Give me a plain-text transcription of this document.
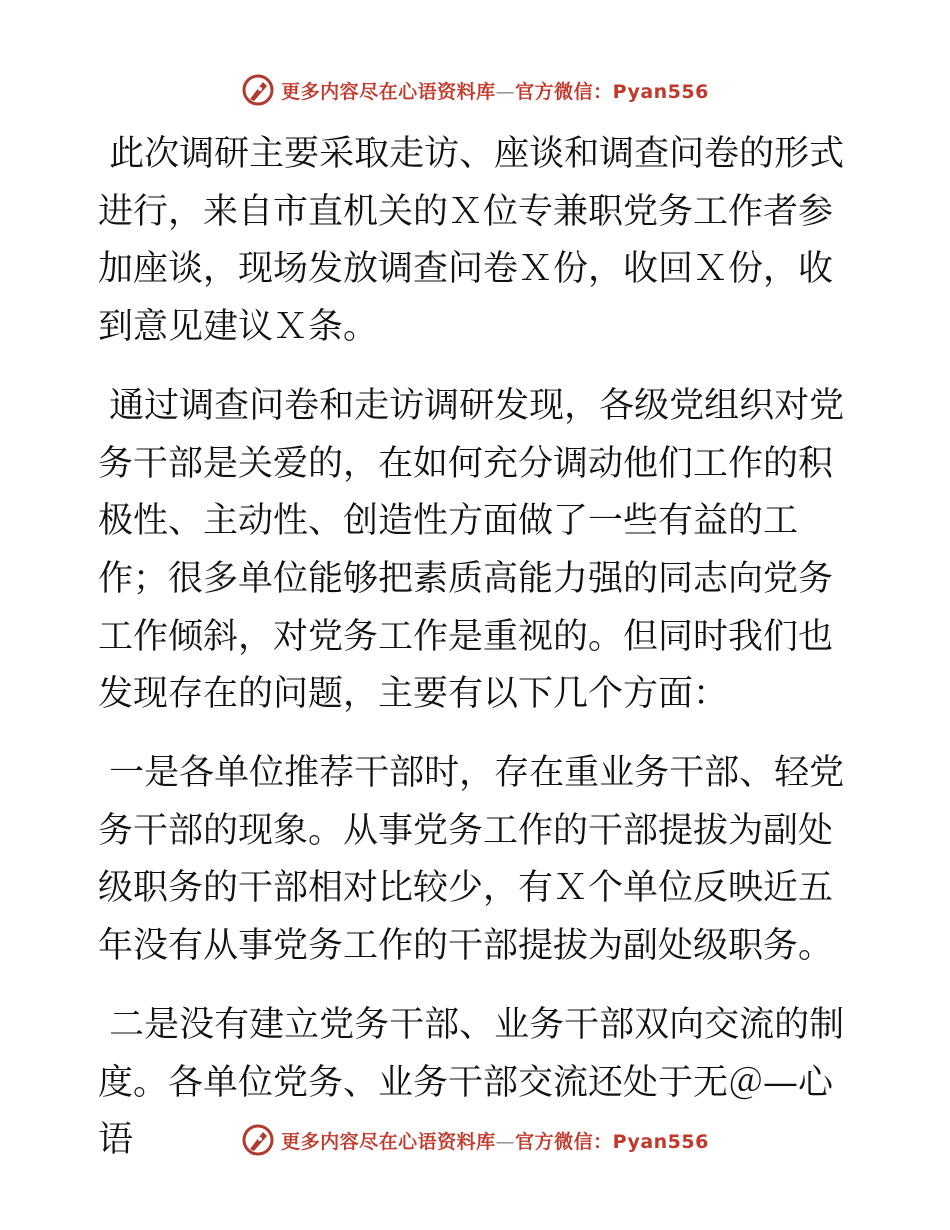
更多内容尽在心语资料库—官方微信：Pyan556

此次调研主要采取走访、座谈和调查问卷的形式进行，来自市直机关的Ｘ位专兼职党务工作者参加座谈，现场发放调查问卷Ｘ份，收回Ｘ份，收到意见建议Ｘ条。

通过调查问卷和走访调研发现，各级党组织对党务干部是关爱的，在如何充分调动他们工作的积极性、主动性、创造性方面做了一些有益的工作；很多单位能够把素质高能力强的同志向党务工作倾斜，对党务工作是重视的。但同时我们也发现存在的问题，主要有以下几个方面：

一是各单位推荐干部时，存在重业务干部、轻党务干部的现象。从事党务工作的干部提拔为副处级职务的干部相对比较少，有Ｘ个单位反映近五年没有从事党务工作的干部提拔为副处级职务。

二是没有建立党务干部、业务干部双向交流的制度。各单位党务、业务干部交流还处于无＠—心语	更多内容尽在心语资料库—官方微信：Pyan556
